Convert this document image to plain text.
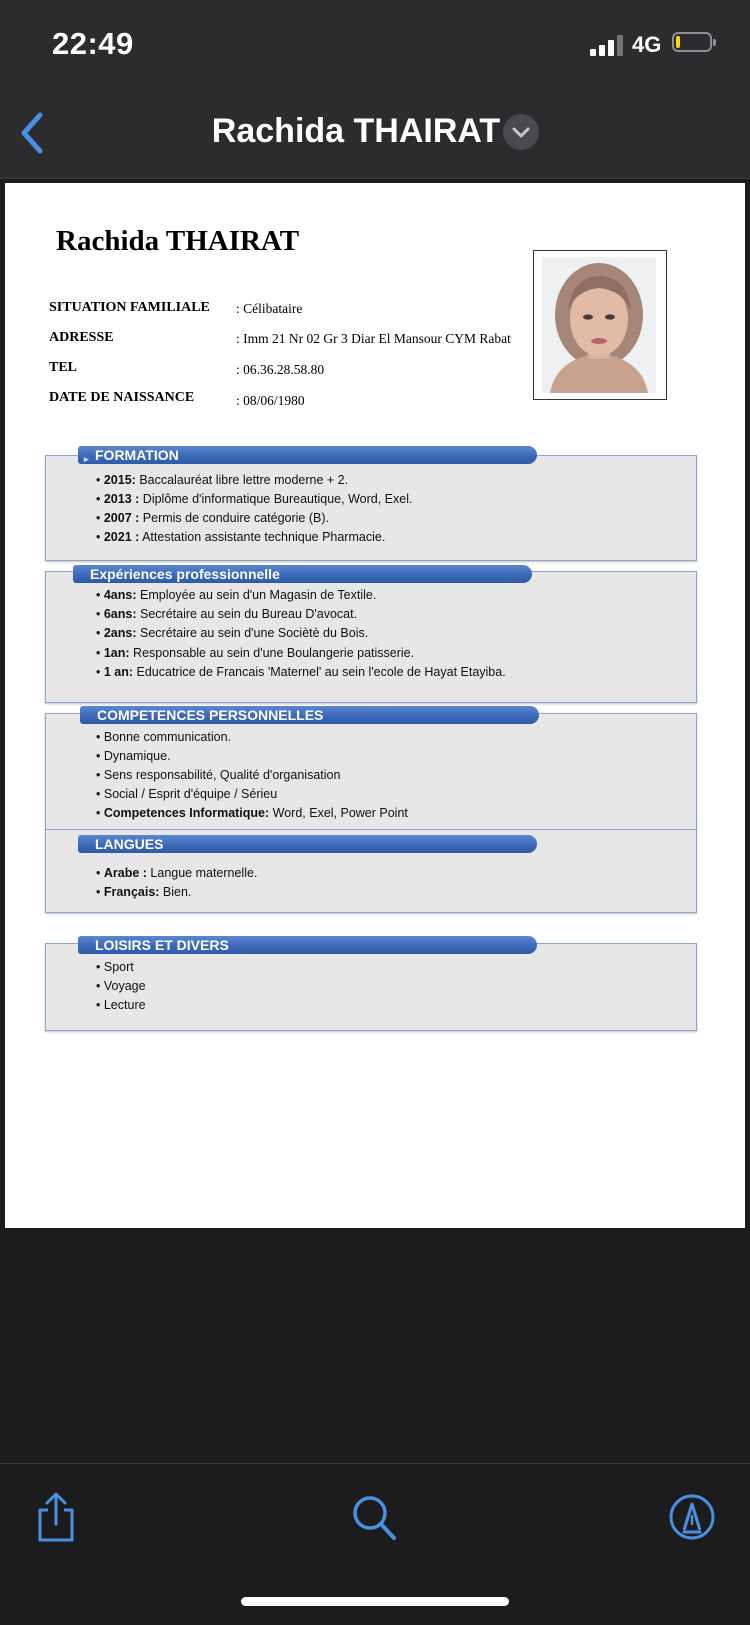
22:49	4G
Rachida THAIRAT
Rachida THAIRAT
SITUATION FAMILIALE : Célibataire
ADRESSE	: Imm 21 Nr 02 Gr 3 Diar El Mansour CYM Rabat
TEL	: 06.36.28.58.80
DATE DE NAISSANCE	: 08/06/1980
▸ FORMATION
• 2015: Baccalauréat libre lettre moderne + 2.
• 2013 : Diplôme d'informatique Bureautique, Word, Exel.
• 2007 : Permis de conduire catégorie (B).
• 2021 : Attestation assistante technique Pharmacie.
Expériences professionnelle
• 4ans: Employée au sein d'un Magasin de Textile.
• 6ans: Secrétaire au sein du Bureau D'avocat.
• 2ans: Secrétaire au sein d'une Sociètè du Bois.
• 1an: Responsable au sein d'une Boulangerie patisserie.
• 1 an: Educatrice de Francais 'Maternel' au sein l'ecole de Hayat Etayiba.
COMPETENCES PERSONNELLES
• Bonne communication.
• Dynamique.
• Sens responsabilité, Qualité d'organisation
• Social / Esprit d'équipe / Sérieu
• Competences Informatique: Word, Exel, Power Point
LANGUES
• Arabe : Langue maternelle.
• Français: Bien.
LOISIRS ET DIVERS
• Sport
• Voyage
• Lecture
